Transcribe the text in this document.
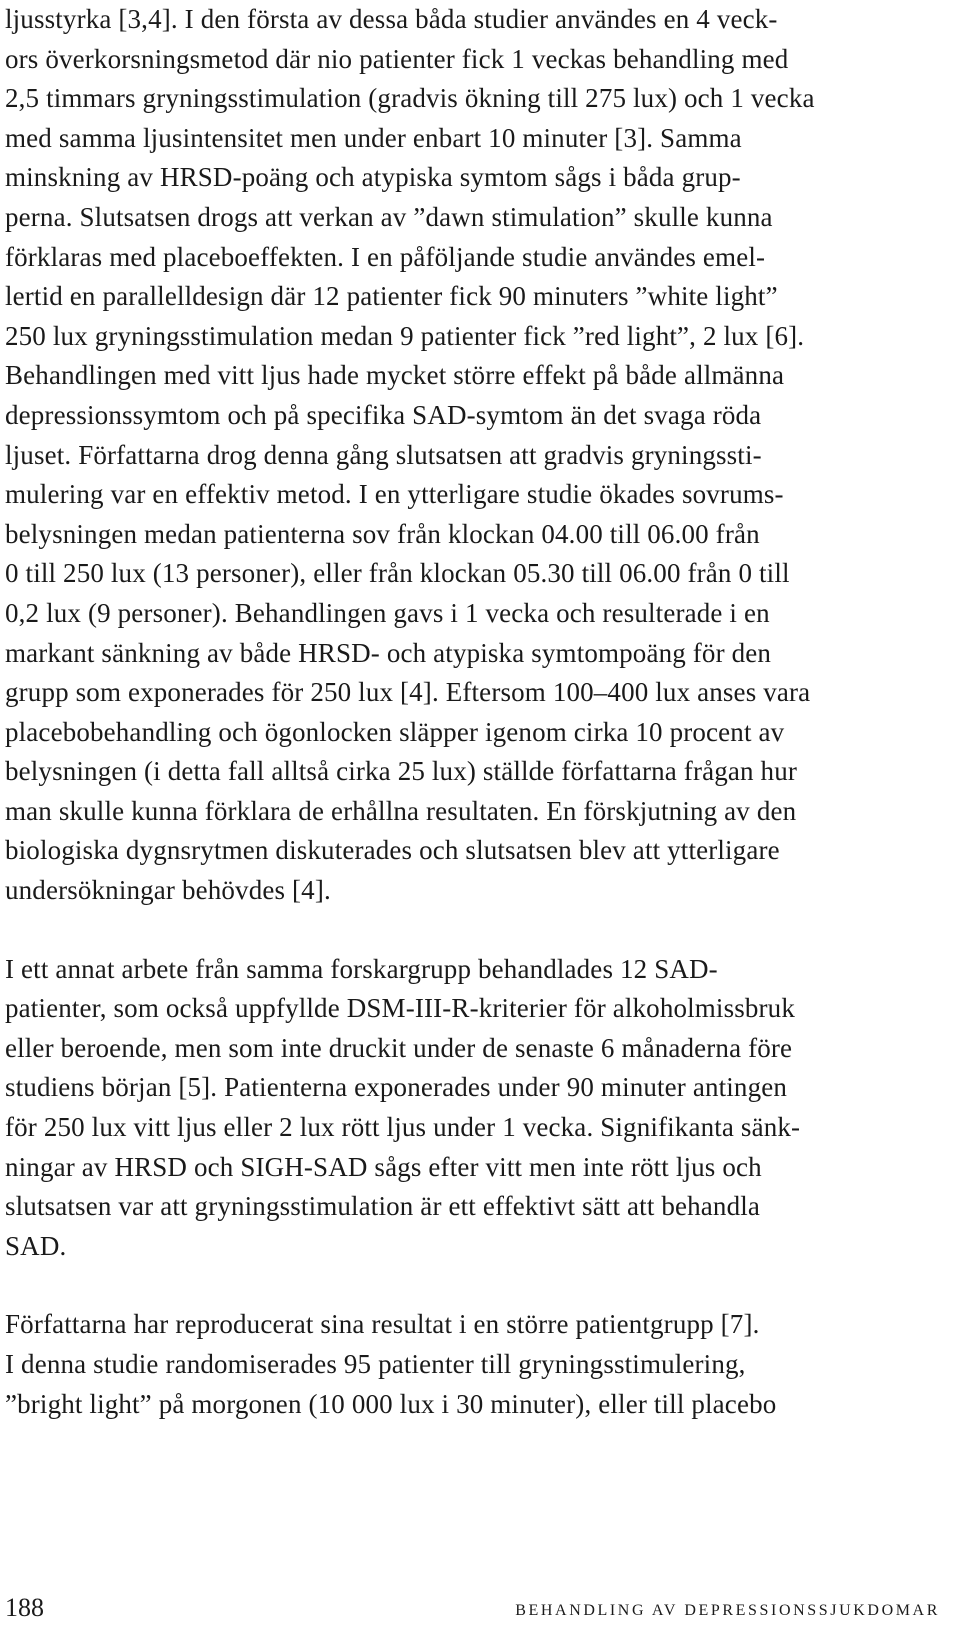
ljusstyrka [3,4]. I den första av dessa båda studier användes en 4 veck-
ors överkorsningsmetod där nio patienter fick 1 veckas behandling med
2,5 timmars gryningsstimulation (gradvis ökning till 275 lux) och 1 vecka
med samma ljusintensitet men under enbart 10 minuter [3]. Samma
minskning av HRSD-poäng och atypiska symtom sågs i båda grup-
perna. Slutsatsen drogs att verkan av ”dawn stimulation” skulle kunna
förklaras med placeboeffekten. I en påföljande studie användes emel-
lertid en parallelldesign där 12 patienter fick 90 minuters ”white light”
250 lux gryningsstimulation medan 9 patienter fick ”red light”, 2 lux [6].
Behandlingen med vitt ljus hade mycket större effekt på både allmänna
depressionssymtom och på specifika SAD-symtom än det svaga röda
ljuset. Författarna drog denna gång slutsatsen att gradvis gryningssti-
mulering var en effektiv metod. I en ytterligare studie ökades sovrums-
belysningen medan patienterna sov från klockan 04.00 till 06.00 från
0 till 250 lux (13 personer), eller från klockan 05.30 till 06.00 från 0 till
0,2 lux (9 personer). Behandlingen gavs i 1 vecka och resulterade i en
markant sänkning av både HRSD- och atypiska symtompoäng för den
grupp som exponerades för 250 lux [4]. Eftersom 100–400 lux anses vara
placebobehandling och ögonlocken släpper igenom cirka 10 procent av
belysningen (i detta fall alltså cirka 25 lux) ställde författarna frågan hur
man skulle kunna förklara de erhållna resultaten. En förskjutning av den
biologiska dygnsrytmen diskuterades och slutsatsen blev att ytterligare
undersökningar behövdes [4].
I ett annat arbete från samma forskargrupp behandlades 12 SAD-
patienter, som också uppfyllde DSM-III-R-kriterier för alkoholmissbruk
eller beroende, men som inte druckit under de senaste 6 månaderna före
studiens början [5]. Patienterna exponerades under 90 minuter antingen
för 250 lux vitt ljus eller 2 lux rött ljus under 1 vecka. Signifikanta sänk-
ningar av HRSD och SIGH-SAD sågs efter vitt men inte rött ljus och
slutsatsen var att gryningsstimulation är ett effektivt sätt att behandla
SAD.
Författarna har reproducerat sina resultat i en större patientgrupp [7].
I denna studie randomiserades 95 patienter till gryningsstimulering,
”bright light” på morgonen (10 000 lux i 30 minuter), eller till placebo
188	BEHANDLING AV DEPRESSIONSSJUKDOMAR
